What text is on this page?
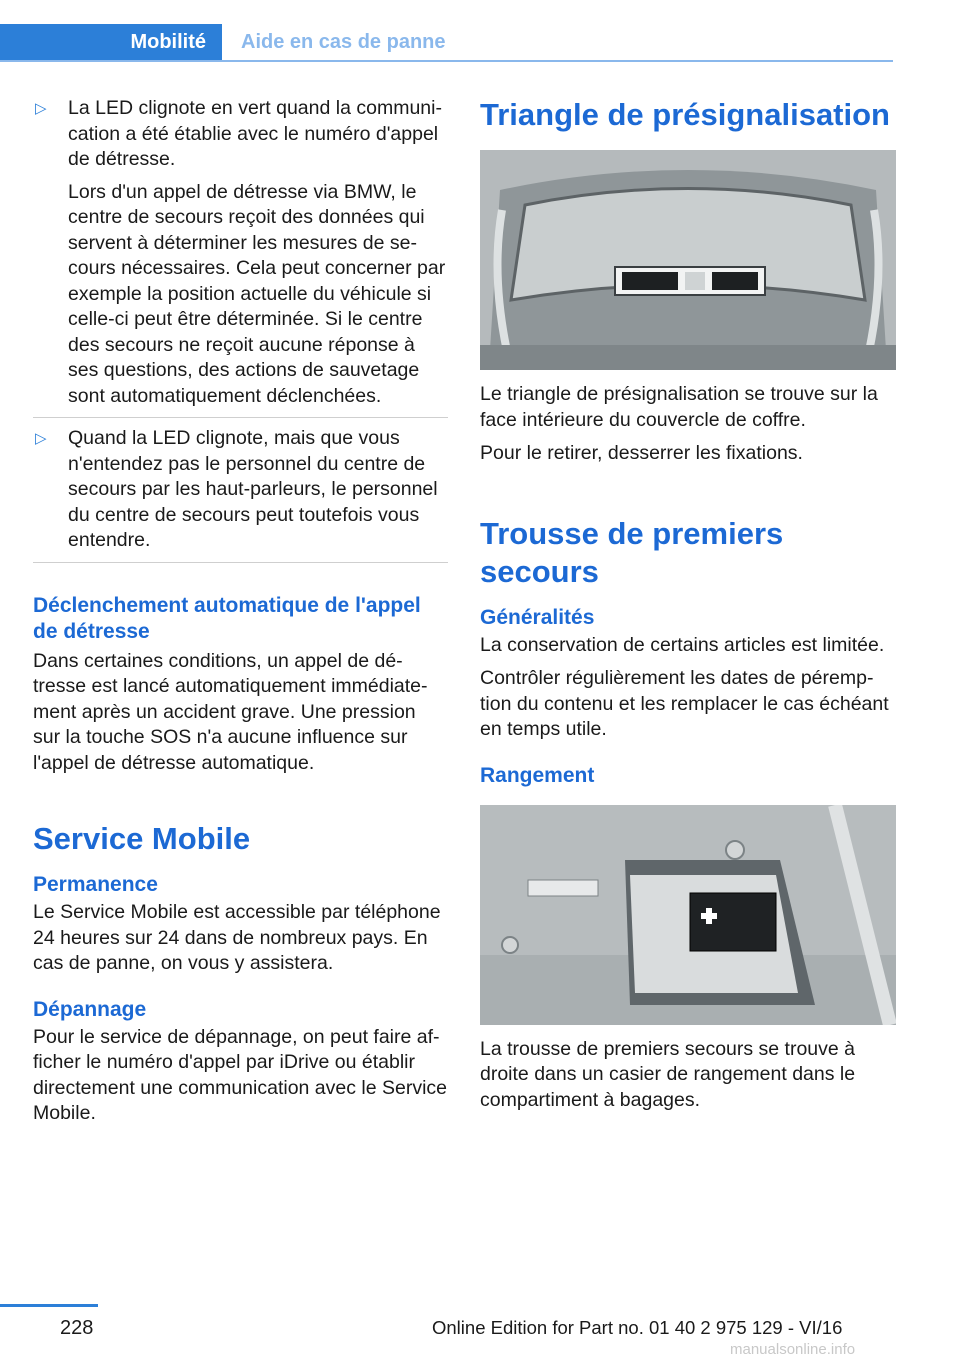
Mobilité	Aide en cas de panne
▷	La LED clignote en vert quand la communication a été établie avec le numéro d'appel de détresse.

Lors d'un appel de détresse via BMW, le centre de secours reçoit des données qui servent à déterminer les mesures de secours nécessaires. Cela peut concerner par exemple la position actuelle du véhicule si celle-ci peut être déterminée. Si le centre des secours ne reçoit aucune réponse à ses questions, des actions de sauvetage sont automatiquement déclenchées.

▷	Quand la LED clignote, mais que vous n'entendez pas le personnel du centre de secours par les haut-parleurs, le personnel du centre de secours peut toutefois vous entendre.

Déclenchement automatique de l'appel de détresse

Dans certaines conditions, un appel de détresse est lancé automatiquement immédiatement après un accident grave. Une pression sur la touche SOS n'a aucune influence sur l'appel de détresse automatique.

Service Mobile
Permanence

Le Service Mobile est accessible par téléphone 24 heures sur 24 dans de nombreux pays. En cas de panne, on vous y assistera.

Dépannage

Pour le service de dépannage, on peut faire afficher le numéro d'appel par iDrive ou établir directement une communication avec le Service Mobile.

Triangle de présignalisation

Le triangle de présignalisation se trouve sur la face intérieure du couvercle de coffre.

Pour le retirer, desserrer les fixations.

Trousse de premiers secours
Généralités

La conservation de certains articles est limitée.

Contrôler régulièrement les dates de péremption du contenu et les remplacer le cas échéant en temps utile.

Rangement

La trousse de premiers secours se trouve à droite dans un casier de rangement dans le compartiment à bagages.

228	Online Edition for Part no. 01 40 2 975 129 - VI/16
manualsonline.info
